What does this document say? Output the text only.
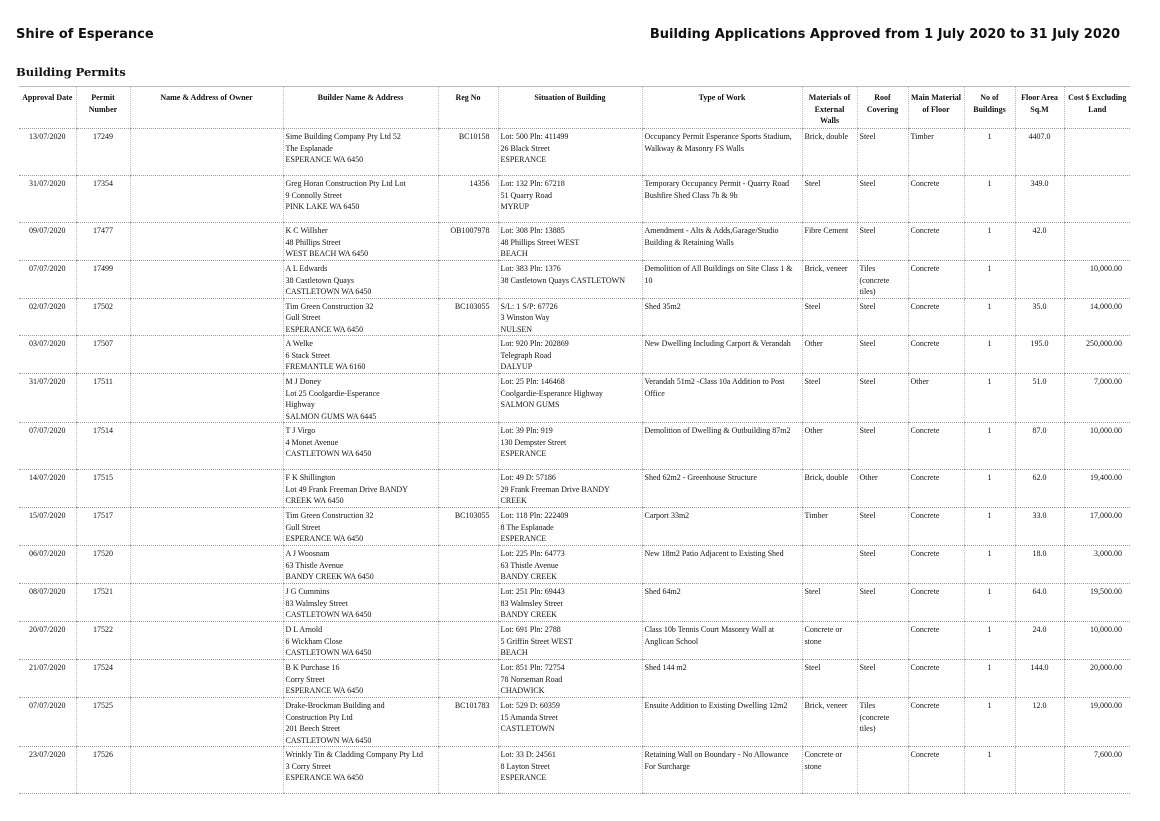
Shire of Esperance	Building Applications Approved from 1 July 2020 to 31 July 2020
Building Permits
Approval Date	Permit Number	Name & Address of Owner	Builder Name & Address	Reg No	Situation of Building	Type of Work	Materials of External Walls	Roof Covering	Main Material of Floor	No of Buildings	Floor Area Sq.M	Cost $ Excluding Land
13/07/2020	17249		Sime Building Company Pty Ltd 52
The Esplanade
ESPERANCE WA 6450	BC10158	Lot: 500 Pln: 411499
26 Black Street
ESPERANCE	Occupancy Permit Esperance Sports Stadium, Walkway & Masonry FS Walls	Brick, double	Steel	Timber	1	4407.0	
31/07/2020	17354		Greg Horan Construction Pty Ltd Lot
9 Connolly Street
PINK LAKE WA 6450	14356	Lot: 132 Pln: 67218
51 Quarry Road
MYRUP	Temporary Occupancy Permit - Quarry Road Bushfire Shed Class 7b & 9b	Steel	Steel	Concrete	1	349.0	
09/07/2020	17477		K C Willsher
48 Phillips Street
WEST BEACH WA 6450	OB1007978	Lot: 308 Pln: 13885
48 Phillips Street WEST
BEACH	Amendment - Alts & Adds,Garage/Studio Building & Retaining Walls	Fibre Cement	Steel	Concrete	1	42.0	
07/07/2020	17499		A L Edwards
38 Castletown Quays
CASTLETOWN WA 6450		Lot: 383 Pln: 1376
38 Castletown Quays CASTLETOWN	Demolition of All Buildings on Site Class 1 & 10	Brick, veneer	Tiles (concrete tiles)	Concrete	1		10,000.00
02/07/2020	17502		Tim Green Construction 32
Gull Street
ESPERANCE WA 6450	BC103055	S/L: 1 S/P: 67726
3 Winston Way
NULSEN	Shed 35m2	Steel	Steel	Concrete	1	35.0	14,000.00
03/07/2020	17507		A Welke
6 Stack Street
FREMANTLE WA 6160		Lot: 920 Pln: 202869
Telegraph Road
DALYUP	New Dwelling Including Carport & Verandah	Other	Steel	Concrete	1	195.0	250,000.00
31/07/2020	17511		M J Doney
Lot 25 Coolgardie-Esperance
Highway
SALMON GUMS WA 6445		Lot: 25 Pln: 146468
Coolgardie-Esperance Highway
SALMON GUMS	Verandah 51m2 -Class 10a Addition to Post Office	Steel	Steel	Other	1	51.0	7,000.00
07/07/2020	17514		T J Virgo
4 Monet Avenue
CASTLETOWN WA 6450		Lot: 39 Pln: 919
130 Dempster Street
ESPERANCE	Demolition of Dwelling & Outbuilding 87m2	Other	Steel	Concrete	1	87.0	10,000.00
14/07/2020	17515		F K Shillington
Lot 49 Frank Freeman Drive BANDY
CREEK WA 6450		Lot: 49 D: 57186
29 Frank Freeman Drive BANDY
CREEK	Shed 62m2 - Greenhouse Structure	Brick, double	Other	Concrete	1	62.0	19,400.00
15/07/2020	17517		Tim Green Construction 32
Gull Street
ESPERANCE WA 6450	BC103055	Lot: 118 Pln: 222409
8 The Esplanade
ESPERANCE	Carport 33m2	Timber	Steel	Concrete	1	33.0	17,000.00
06/07/2020	17520		A J Woosnam
63 Thistle Avenue
BANDY CREEK WA 6450		Lot: 225 Pln: 64773
63 Thistle Avenue
BANDY CREEK	New 18m2 Patio Adjacent to Existing Shed		Steel	Concrete	1	18.0	3,000.00
08/07/2020	17521		J G Cummins
83 Walmsley Street
CASTLETOWN WA 6450		Lot: 251 Pln: 69443
83 Walmsley Street
BANDY CREEK	Shed 64m2	Steel	Steel	Concrete	1	64.0	19,500.00
20/07/2020	17522		D L Arnold
6 Wickham Close
CASTLETOWN WA 6450		Lot: 691 Pln: 2788
5 Griffin Street WEST
BEACH	Class 10b Tennis Court Masonry Wall at Anglican School	Concrete or stone		Concrete	1	24.0	10,000.00
21/07/2020	17524		B K Purchase 16
Corry Street
ESPERANCE WA 6450		Lot: 851 Pln: 72754
78 Norseman Road
CHADWICK	Shed 144 m2	Steel	Steel	Concrete	1	144.0	20,000.00
07/07/2020	17525		Drake-Brockman Building and
Construction Pty Ltd
201 Beech Street
CASTLETOWN WA 6450	BC101783	Lot: 529 D: 60359
15 Amanda Street
CASTLETOWN	Ensuite Addition to Existing Dwelling 12m2	Brick, veneer	Tiles (concrete tiles)	Concrete	1	12.0	19,000.00
23/07/2020	17526		Wrinkly Tin & Cladding Company Pty Ltd
3 Corry Street
ESPERANCE WA 6450		Lot: 33 D: 24561
8 Layton Street
ESPERANCE	Retaining Wall on Boundary - No Allowance For Surcharge	Concrete or stone		Concrete	1		7,600.00
